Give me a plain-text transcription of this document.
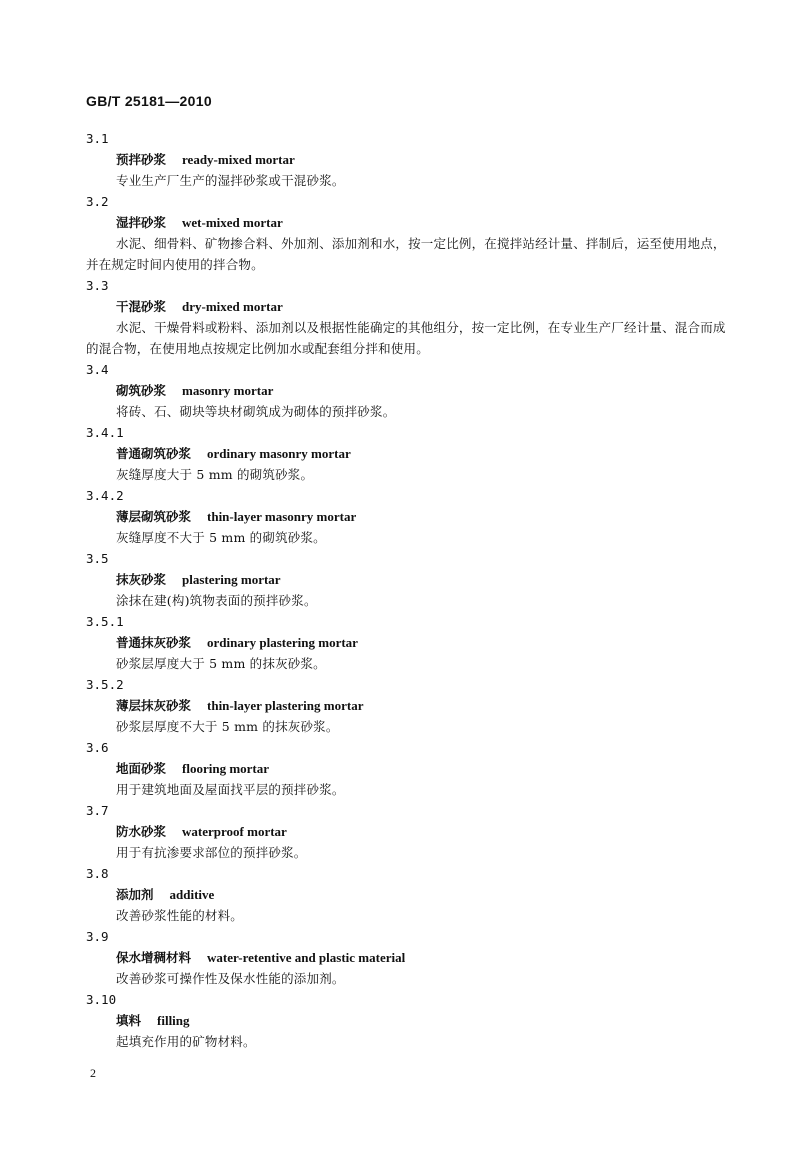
GB/T 25181—2010
3.1
预拌砂浆 ready-mixed mortar
专业生产厂生产的湿拌砂浆或干混砂浆。
3.2
湿拌砂浆 wet-mixed mortar
水泥、细骨料、矿物掺合料、外加剂、添加剂和水，按一定比例，在搅拌站经计量、拌制后，运至使用地点，并在规定时间内使用的拌合物。
3.3
干混砂浆 dry-mixed mortar
水泥、干燥骨料或粉料、添加剂以及根据性能确定的其他组分，按一定比例，在专业生产厂经计量、混合而成的混合物，在使用地点按规定比例加水或配套组分拌和使用。
3.4
砌筑砂浆 masonry mortar
将砖、石、砌块等块材砌筑成为砌体的预拌砂浆。
3.4.1
普通砌筑砂浆 ordinary masonry mortar
灰缝厚度大于 5 mm 的砌筑砂浆。
3.4.2
薄层砌筑砂浆 thin-layer masonry mortar
灰缝厚度不大于 5 mm 的砌筑砂浆。
3.5
抹灰砂浆 plastering mortar
涂抹在建(构)筑物表面的预拌砂浆。
3.5.1
普通抹灰砂浆 ordinary plastering mortar
砂浆层厚度大于 5 mm 的抹灰砂浆。
3.5.2
薄层抹灰砂浆 thin-layer plastering mortar
砂浆层厚度不大于 5 mm 的抹灰砂浆。
3.6
地面砂浆 flooring mortar
用于建筑地面及屋面找平层的预拌砂浆。
3.7
防水砂浆 waterproof mortar
用于有抗渗要求部位的预拌砂浆。
3.8
添加剂 additive
改善砂浆性能的材料。
3.9
保水增稠材料 water-retentive and plastic material
改善砂浆可操作性及保水性能的添加剂。
3.10
填料 filling
起填充作用的矿物材料。
2
